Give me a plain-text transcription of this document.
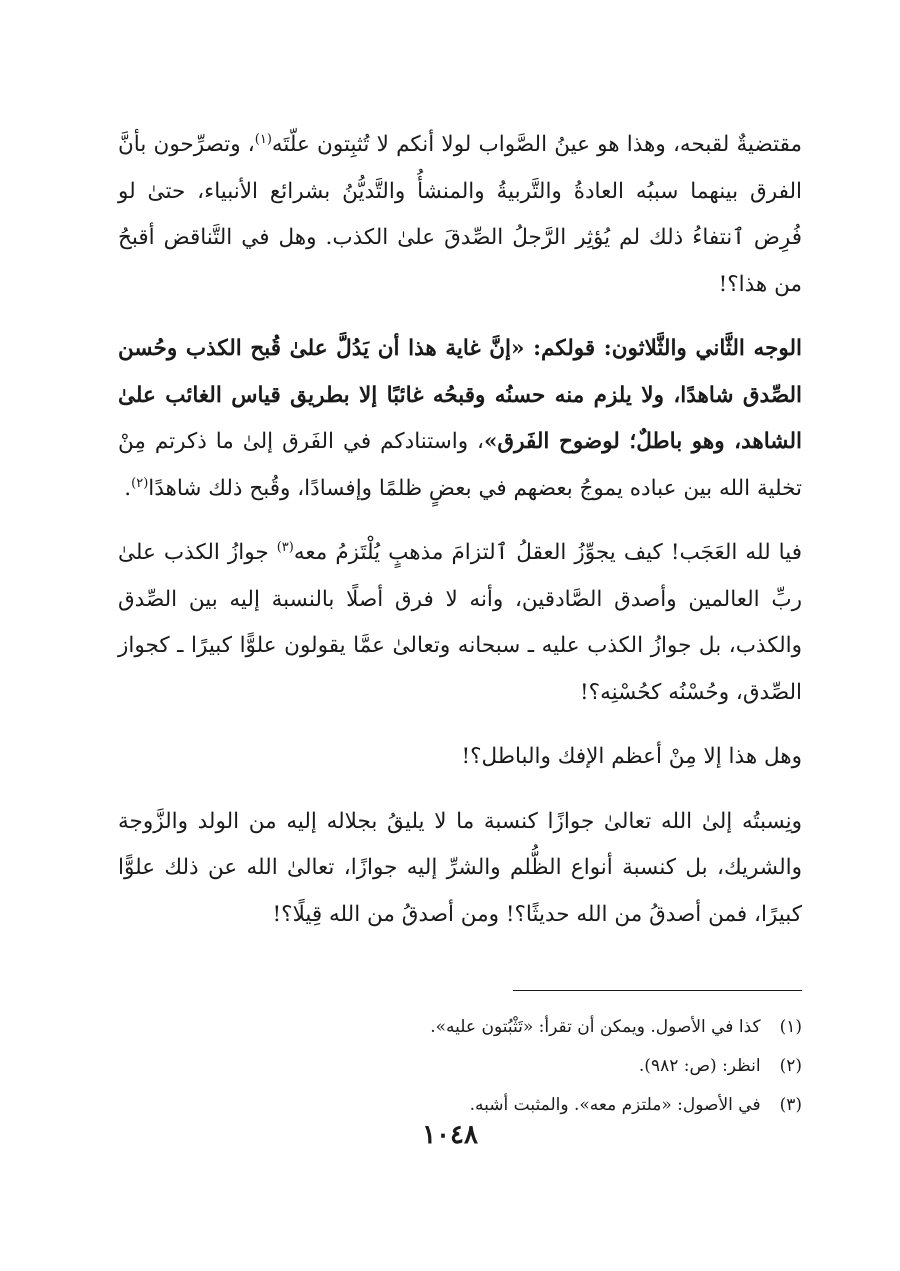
مقتضيةٌ لقبحه، وهذا هو عينُ الصَّواب لولا أنكم لا تُثبِتون علّتَه$^{(١)}$، وتصرِّحون بأنَّ الفرق بينهما سببُه العادةُ والتَّربيةُ والمنشأُ والتَّديُّنُ بشرائع الأنبياء، حتىٰ لو فُرِض ٱنتفاءُ ذلك لم يُؤثِر الرَّجلُ الصِّدقَ علىٰ الكذب. وهل في التَّناقض أقبحُ من هذا؟!

الوجه الثَّاني والثَّلاثون: قولكم: «إنَّ غاية هذا أن يَدُلَّ علىٰ قُبح الكذب وحُسن الصِّدق شاهدًا، ولا يلزم منه حسنُه وقبحُه غائبًا إلا بطريق قياس الغائب علىٰ الشاهد، وهو باطلٌ؛ لوضوح الفَرق»، واستنادكم في الفَرق إلىٰ ما ذكرتم مِنْ تخلية الله بين عباده يموجُ بعضهم في بعضٍ ظلمًا وإفسادًا، وقُبح ذلك شاهدًا$^{(٢)}$.

فيا لله العَجَب! كيف يجوِّزُ العقلُ ٱلتزامَ مذهبٍ يُلْتَزمُ معه$^{(٣)}$ جوازُ الكذب علىٰ ربِّ العالمين وأصدق الصَّادقين، وأنه لا فرق أصلًا بالنسبة إليه بين الصِّدق والكذب، بل جوازُ الكذب عليه ـ سبحانه وتعالىٰ عمَّا يقولون علوًّا كبيرًا ـ كجواز الصِّدق، وحُسْنُه كحُسْنِه؟!

وهل هذا إلا مِنْ أعظم الإفك والباطل؟!

ونِسبتُه إلىٰ الله تعالىٰ جوازًا كنسبة ما لا يليقُ بجلاله إليه من الولد والزَّوجة والشريك، بل كنسبة أنواع الظُّلم والشرِّ إليه جوازًا، تعالىٰ الله عن ذلك علوًّا كبيرًا، فمن أصدقُ من الله حديثًا؟! ومن أصدقُ من الله قِيلًا؟!

(١) كذا في الأصول. ويمكن أن تقرأ: «تَثْبُتون عليه».

(٢) انظر: (ص: ٩٨٢).

(٣) في الأصول: «ملتزم معه». والمثبت أشبه.

١٠٤٨
